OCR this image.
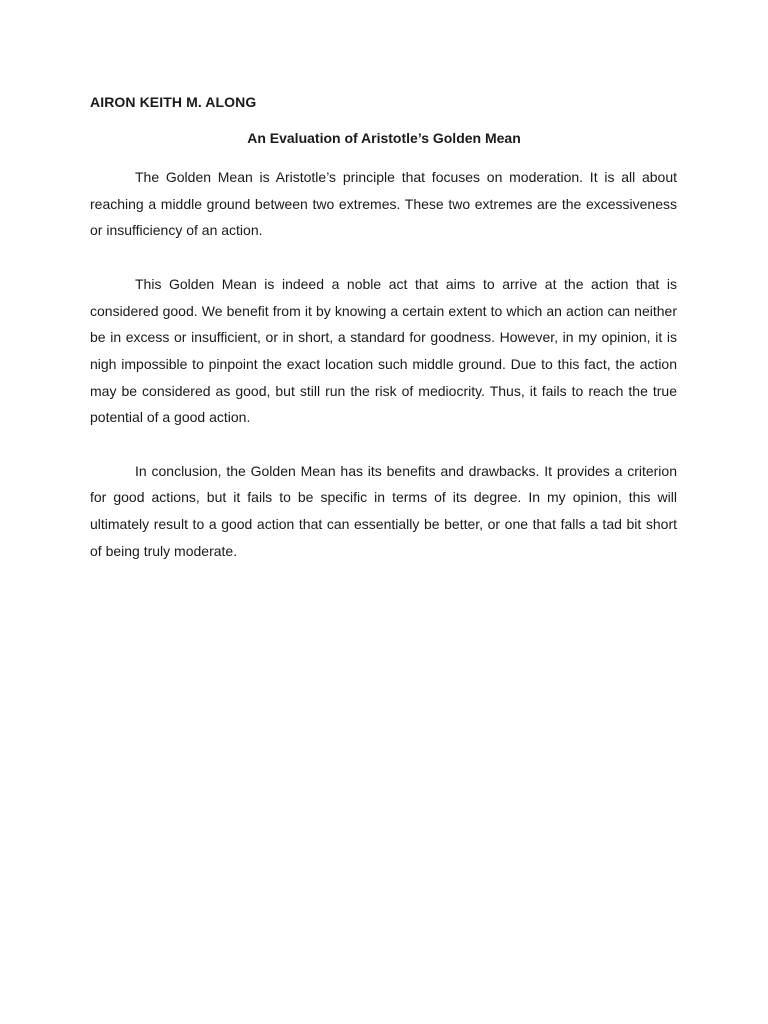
AIRON KEITH M. ALONG
An Evaluation of Aristotle’s Golden Mean

The Golden Mean is Aristotle’s principle that focuses on moderation. It is all about reaching a middle ground between two extremes. These two extremes are the excessiveness or insufficiency of an action.

This Golden Mean is indeed a noble act that aims to arrive at the action that is considered good. We benefit from it by knowing a certain extent to which an action can neither be in excess or insufficient, or in short, a standard for goodness. However, in my opinion, it is nigh impossible to pinpoint the exact location such middle ground. Due to this fact, the action may be considered as good, but still run the risk of mediocrity. Thus, it fails to reach the true potential of a good action.

In conclusion, the Golden Mean has its benefits and drawbacks. It provides a criterion for good actions, but it fails to be specific in terms of its degree. In my opinion, this will ultimately result to a good action that can essentially be better, or one that falls a tad bit short of being truly moderate.
